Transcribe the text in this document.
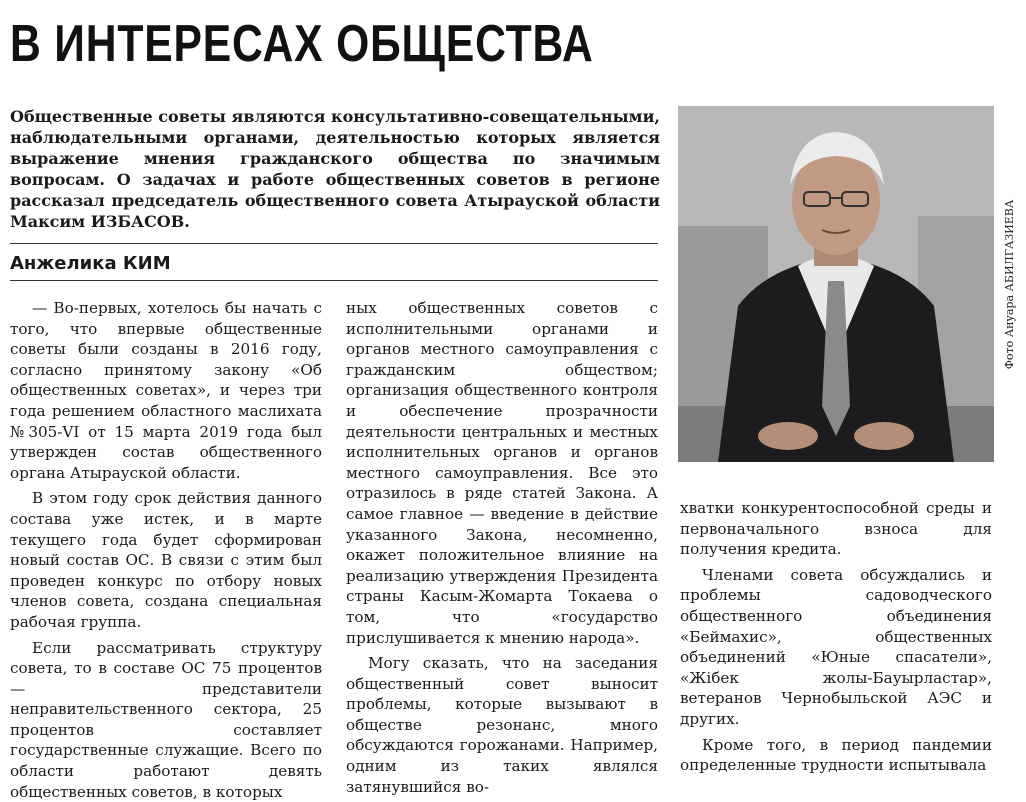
В ИНТЕРЕСАХ ОБЩЕСТВА

Общественные советы являются консультативно-совещательными, наблюдательными органами, деятельностью которых является выражение мнения гражданского общества по значимым вопросам. О задачах и работе общественных советов в регионе рассказал председатель общественного совета Атырауской области Максим ИЗБАСОВ.

Анжелика КИМ

— Во-первых, хотелось бы начать с того, что впервые общественные советы были созданы в 2016 году, согласно принятому закону «Об общественных советах», и через три года решением областного маслихата №305-VI от 15 марта 2019 года был утвержден состав общественного органа Атырауской области.

В этом году срок действия данного состава уже истек, и в марте текущего года будет сформирован новый состав ОС. В связи с этим был проведен конкурс по отбору новых членов совета, создана специальная рабочая группа.

Если рассматривать структуру совета, то в составе ОС 75 процентов — представители неправительственного сектора, 25 процентов составляет государственные служащие. Всего по области работают девять общественных советов, в которых

ных общественных советов с исполнительными органами и органов местного самоуправления с гражданским обществом; организация общественного контроля и обеспечение прозрачности деятельности центральных и местных исполнительных органов и органов местного самоуправления. Все это отразилось в ряде статей Закона. А самое главное — введение в действие указанного Закона, несомненно, окажет положительное влияние на реализацию утверждения Президента страны Касым-Жомарта Токаева о том, что «государство прислушивается к мнению народа».

Могу сказать, что на заседания общественный совет выносит проблемы, которые вызывают в обществе резонанс, много обсуждаются горожанами. Например, одним из таких являлся затянувшийся во-

Фото Ануара АБИЛГАЗИЕВА

хватки конкурентоспособной среды и первоначального взноса для получения кредита.

Членами совета обсуждались и проблемы садоводческого общественного объединения «Беймахис», общественных объединений «Юные спасатели», «Жібек жолы-Бауырластар», ветеранов Чернобыльской АЭС и других.

Кроме того, в период пандемии определенные трудности испытывала
